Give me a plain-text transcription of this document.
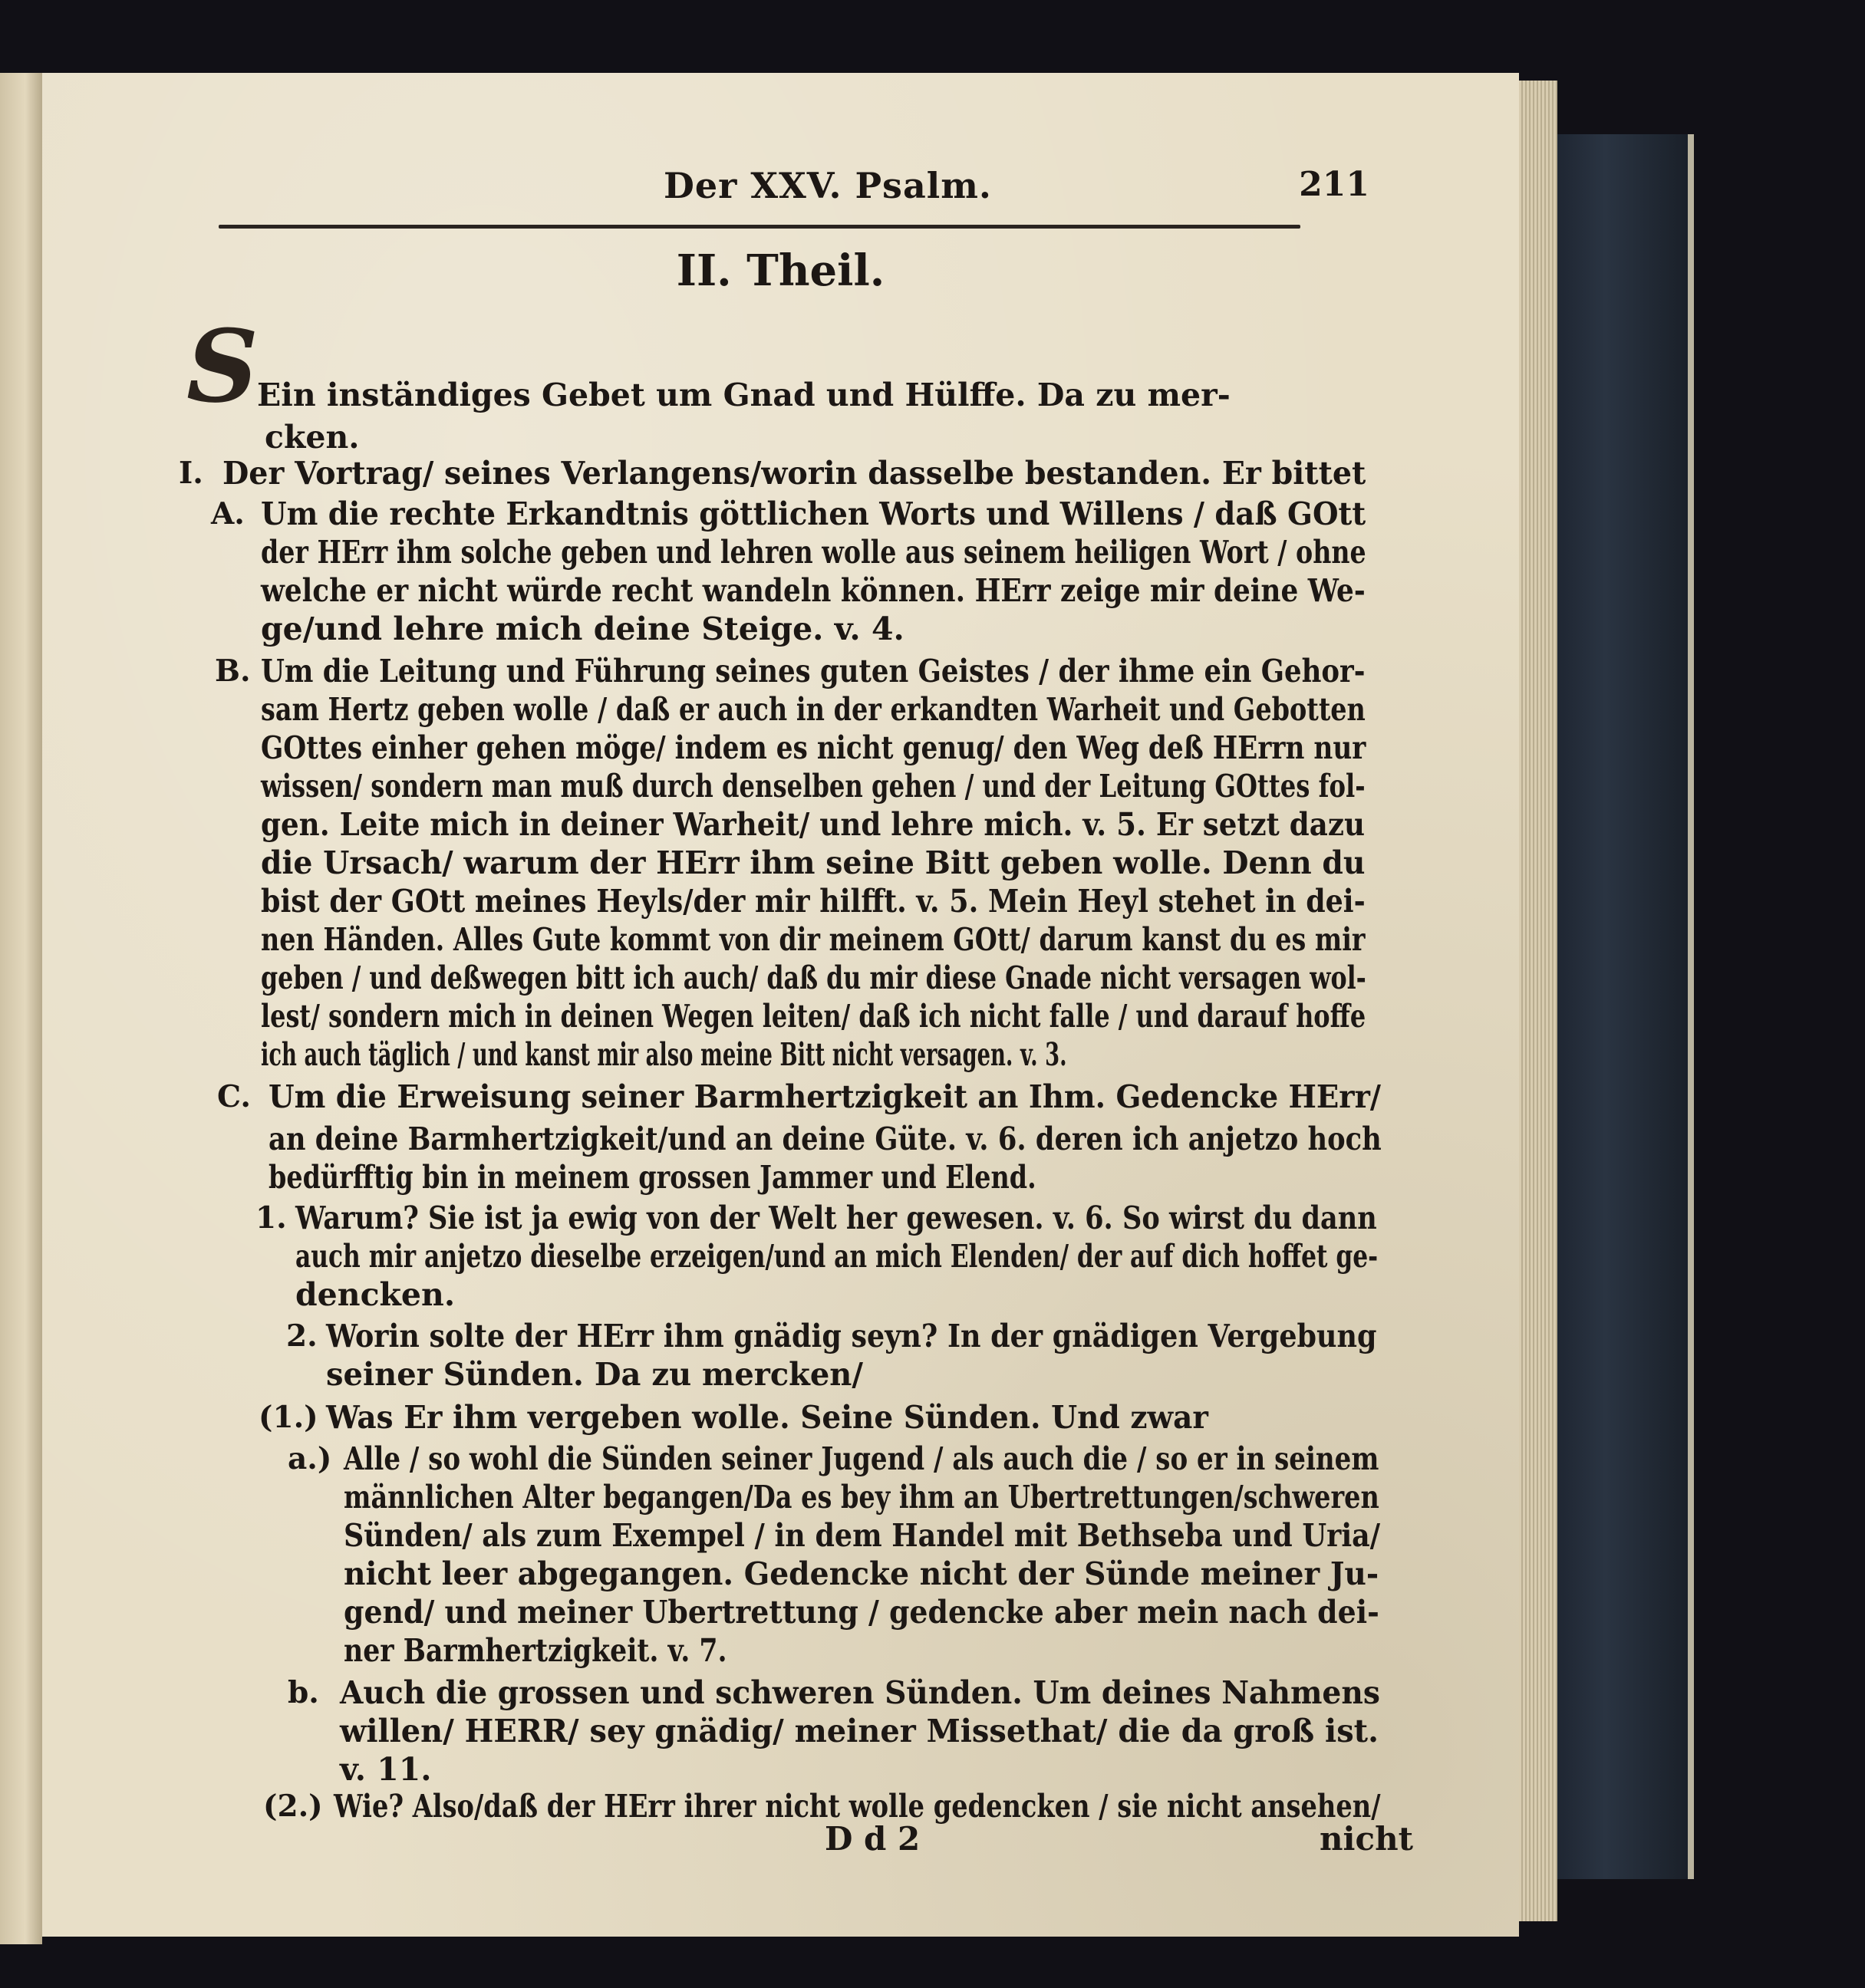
Der XXV. Psalm.	211
II. Theil.
S
Ein inständiges Gebet um Gnad und Hülffe. Da zu mer-
cken.
I. Der Vortrag/ seines Verlangens/worin dasselbe bestanden. Er bittet
A. Um die rechte Erkandtnis göttlichen Worts und Willens / daß GOtt
der HErr ihm solche geben und lehren wolle aus seinem heiligen Wort / ohne
welche er nicht würde recht wandeln können. HErr zeige mir deine We-
ge/und lehre mich deine Steige. v. 4.
B. Um die Leitung und Führung seines guten Geistes / der ihme ein Gehor-
sam Hertz geben wolle / daß er auch in der erkandten Warheit und Gebotten
GOttes einher gehen möge/ indem es nicht genug/ den Weg deß HErrn nur
wissen/ sondern man muß durch denselben gehen / und der Leitung GOttes fol-
gen. Leite mich in deiner Warheit/ und lehre mich. v. 5. Er setzt dazu
die Ursach/ warum der HErr ihm seine Bitt geben wolle. Denn du
bist der GOtt meines Heyls/der mir hilfft. v. 5. Mein Heyl stehet in dei-
nen Händen. Alles Gute kommt von dir meinem GOtt/ darum kanst du es mir
geben / und deßwegen bitt ich auch/ daß du mir diese Gnade nicht versagen wol-
lest/ sondern mich in deinen Wegen leiten/ daß ich nicht falle / und darauf hoffe
ich auch täglich / und kanst mir also meine Bitt nicht versagen. v. 3.
C. Um die Erweisung seiner Barmhertzigkeit an Ihm. Gedencke HErr/
an deine Barmhertzigkeit/und an deine Güte. v. 6. deren ich anjetzo hoch
bedürfftig bin in meinem grossen Jammer und Elend.
1. Warum? Sie ist ja ewig von der Welt her gewesen. v. 6. So wirst du dann
auch mir anjetzo dieselbe erzeigen/und an mich Elenden/ der auf dich hoffet ge-
dencken.
2. Worin solte der HErr ihm gnädig seyn? In der gnädigen Vergebung
seiner Sünden. Da zu mercken/
(1.) Was Er ihm vergeben wolle. Seine Sünden. Und zwar
a.) Alle / so wohl die Sünden seiner Jugend / als auch die / so er in seinem
männlichen Alter begangen/Da es bey ihm an Ubertrettungen/schweren
Sünden/ als zum Exempel / in dem Handel mit Bethseba und Uria/
nicht leer abgegangen. Gedencke nicht der Sünde meiner Ju-
gend/ und meiner Ubertrettung / gedencke aber mein nach dei-
ner Barmhertzigkeit. v. 7.
b. Auch die grossen und schweren Sünden. Um deines Nahmens
willen/ HERR/ sey gnädig/ meiner Missethat/ die da groß ist.
v. 11.
(2.) Wie? Also/daß der HErr ihrer nicht wolle gedencken / sie nicht ansehen/
D d 2	nicht
